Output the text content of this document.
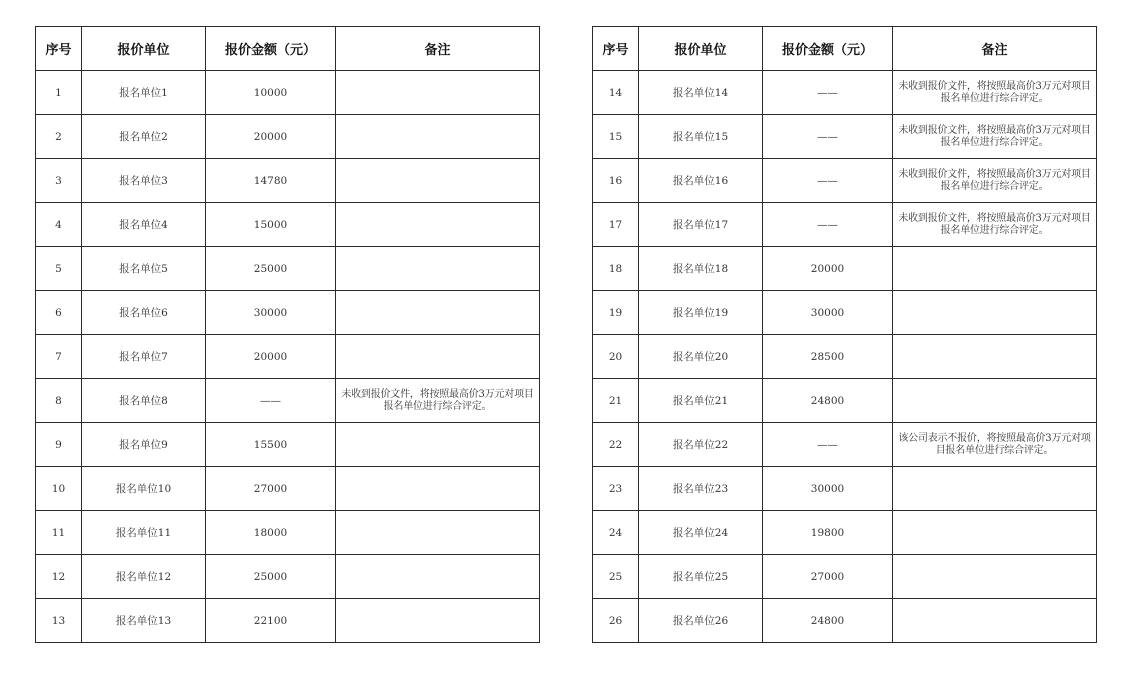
序号	报价单位	报价金额（元）	备注
1	报名单位1	10000	
2	报名单位2	20000	
3	报名单位3	14780	
4	报名单位4	15000	
5	报名单位5	25000	
6	报名单位6	30000	
7	报名单位7	20000	
8	报名单位8	——	未收到报价文件，将按照最高价3万元对项目报名单位进行综合评定。
9	报名单位9	15500	
10	报名单位10	27000	
11	报名单位11	18000	
12	报名单位12	25000	
13	报名单位13	22100	
序号	报价单位	报价金额（元）	备注
14	报名单位14	——	未收到报价文件，将按照最高价3万元对项目报名单位进行综合评定。
15	报名单位15	——	未收到报价文件，将按照最高价3万元对项目报名单位进行综合评定。
16	报名单位16	——	未收到报价文件，将按照最高价3万元对项目报名单位进行综合评定。
17	报名单位17	——	未收到报价文件，将按照最高价3万元对项目报名单位进行综合评定。
18	报名单位18	20000	
19	报名单位19	30000	
20	报名单位20	28500	
21	报名单位21	24800	
22	报名单位22	——	该公司表示不报价，将按照最高价3万元对项目报名单位进行综合评定。
23	报名单位23	30000	
24	报名单位24	19800	
25	报名单位25	27000	
26	报名单位26	24800	
